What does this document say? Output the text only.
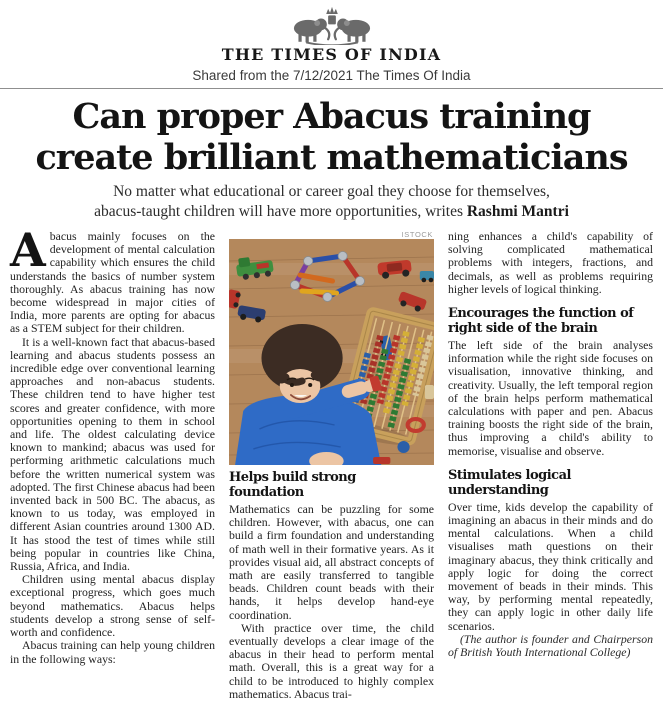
THE TIMES OF INDIA
Shared from the 7/12/2021 The Times Of India
Can proper Abacus training
create brilliant mathematicians
No matter what educational or career goal they choose for themselves,
abacus-taught children will have more opportunities, writes Rashmi Mantri

Abacus mainly focuses on the development of mental calculation capability which ensures the child understands the basics of number system thoroughly. As abacus training has now become widespread in major cities of India, more parents are opting for abacus as a STEM subject for their children.

It is a well-known fact that abacus-based learning and abacus students possess an incredible edge over conventional learning approaches and non-abacus students. These children tend to have higher test scores and greater confidence, with more opportunities opening to them in school and life. The oldest calculating device known to mankind; abacus was used for performing arithmetic calculations much before the written numerical system was adopted. The first Chinese abacus had been invented back in 500 BC. The abacus, as known to us today, was employed in different Asian countries around 1300 AD. It has stood the test of times while still being popular in countries like China, Russia, Africa, and India.

Children using mental abacus display exceptional progress, which goes much beyond mathematics. Abacus helps students develop a strong sense of self-worth and confidence.

Abacus training can help young children in the following ways:

ISTOCK
Helps build strong foundation

Mathematics can be puzzling for some children. However, with abacus, one can build a firm foundation and understanding of math well in their formative years. As it provides visual aid, all abstract concepts of math are easily transferred to tangible beads. Children count beads with their hands, it helps develop hand-eye coordination.

With practice over time, the child eventually develops a clear image of the abacus in their head to perform mental math. Overall, this is a great way for a child to be introduced to highly complex mathematics. Abacus trai-

ning enhances a child's capability of solving complicated mathematical problems with integers, fractions, and decimals, as well as problems requiring higher levels of logical thinking.

Encourages the function of right side of the brain

The left side of the brain analyses information while the right side focuses on visualisation, innovative thinking, and creativity. Usually, the left temporal region of the brain helps perform mathematical calculations with paper and pen. Abacus training boosts the right side of the brain, thus improving a child's ability to memorise, visualise and observe.

Stimulates logical understanding

Over time, kids develop the capability of imagining an abacus in their minds and do mental calculations. When a child visualises math questions on their imaginary abacus, they think critically and apply logic for doing the correct movement of beads in their minds. This way, by performing mental repeatedly, they can apply logic in other daily life scenarios.

(The author is founder and Chairperson of British Youth International College)
